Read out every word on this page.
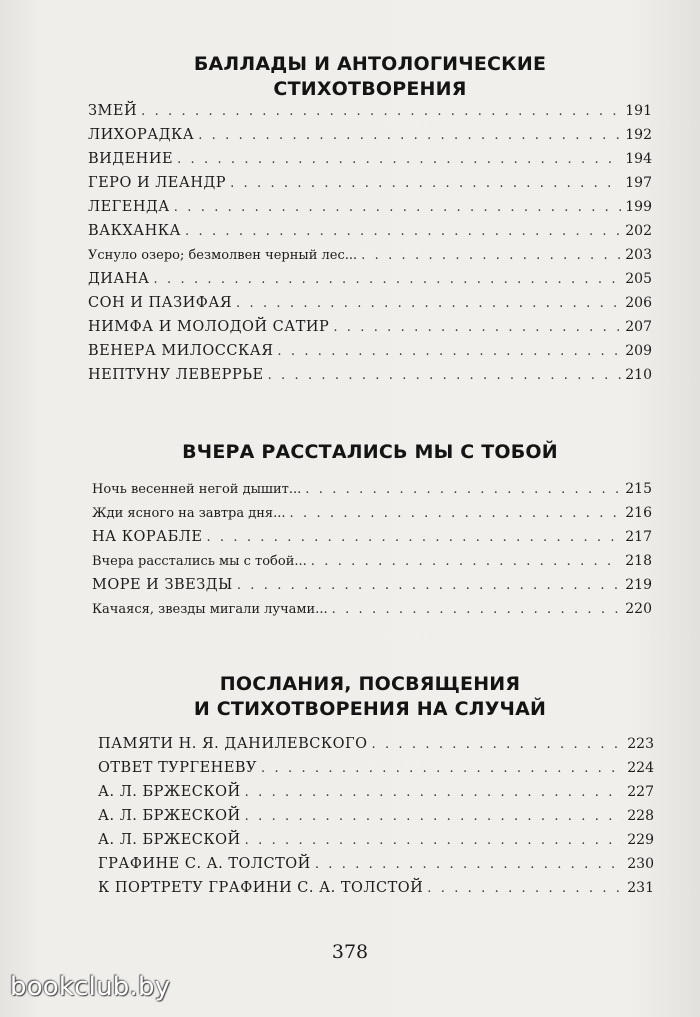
БАЛЛАДЫ И АНТОЛОГИЧЕСКИЕ
СТИХОТВОРЕНИЯ
ЗМЕЙ . . .	191
ЛИХОРАДКА . . .	192
ВИДЕНИЕ . . .	194
ГЕРО И ЛЕАНДР . . .	197
ЛЕГЕНДА . . .	199
ВАКХАНКА . . .	202
Уснуло озеро; безмолвен черный лес... . . .	203
ДИАНА . . .	205
СОН И ПАЗИФАЯ . . .	206
НИМФА И МОЛОДОЙ САТИР . . .	207
ВЕНЕРА МИЛОССКАЯ . . .	209
НЕПТУНУ ЛЕВЕРРЬЕ . . .	210
ВЧЕРА РАССТАЛИСЬ МЫ С ТОБОЙ
Ночь весенней негой дышит... . . .	215
Жди ясного на завтра дня... . . .	216
НА КОРАБЛЕ . . .	217
Вчера расстались мы с тобой... . . .	218
МОРЕ И ЗВЕЗДЫ . . .	219
Качаяся, звезды мигали лучами... . . .	220
ПОСЛАНИЯ, ПОСВЯЩЕНИЯ
И СТИХОТВОРЕНИЯ НА СЛУЧАЙ
ПАМЯТИ Н. Я. ДАНИЛЕВСКОГО . . .	223
ОТВЕТ ТУРГЕНЕВУ . . .	224
А. Л. БРЖЕСКОЙ . . .	227
А. Л. БРЖЕСКОЙ . . .	228
А. Л. БРЖЕСКОЙ . . .	229
ГРАФИНЕ С. А. ТОЛСТОЙ . . .	230
К ПОРТРЕТУ ГРАФИНИ С. А. ТОЛСТОЙ . . .	231
378
bookclub.by
